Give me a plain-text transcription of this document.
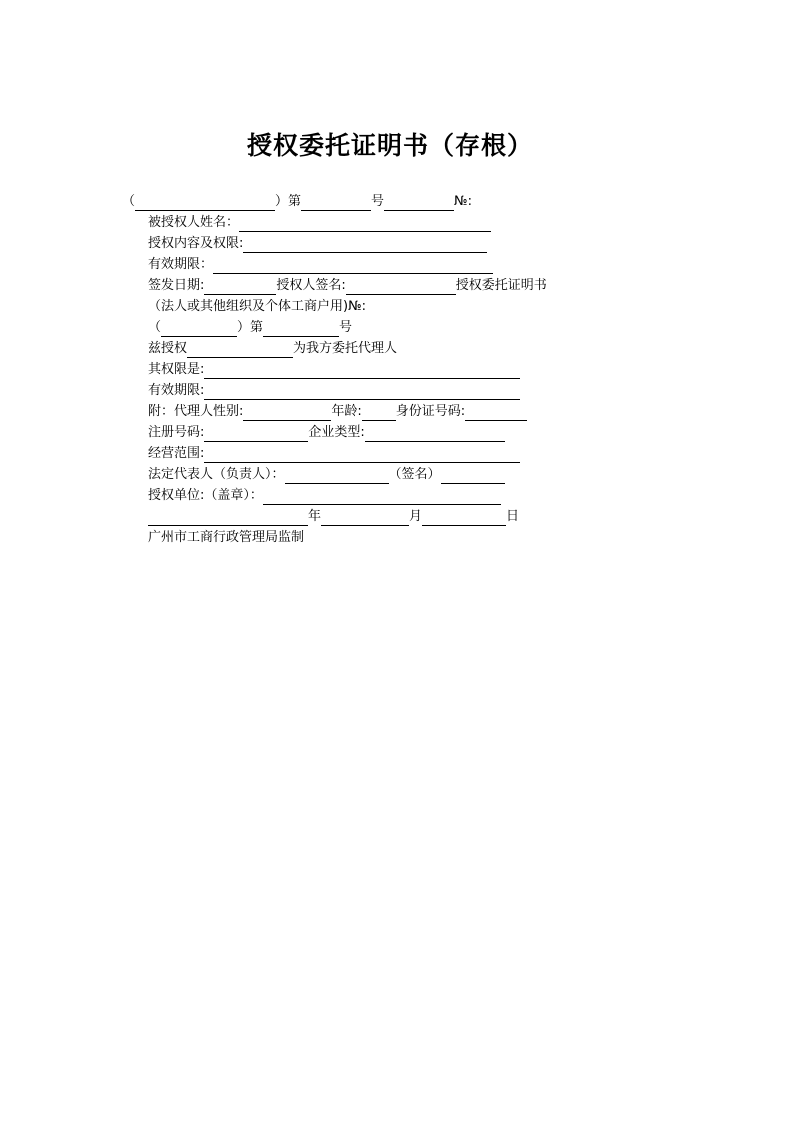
授权委托证明书（存根）
（	）第	号	№:
被授权人姓名：
授权内容及权限:
有效期限：
签发日期:	授权人签名:	授权委托证明书
（法人或其他组织及个体工商户用)№:
（	）第	号
兹授权	为我方委托代理人
其权限是:
有效期限:
附：代理人性别:	年龄:	身份证号码:
注册号码:	企业类型:
经营范围:
法定代表人（负责人）：	（签名）
授权单位:（盖章）：
年	月	日
广州市工商行政管理局监制
